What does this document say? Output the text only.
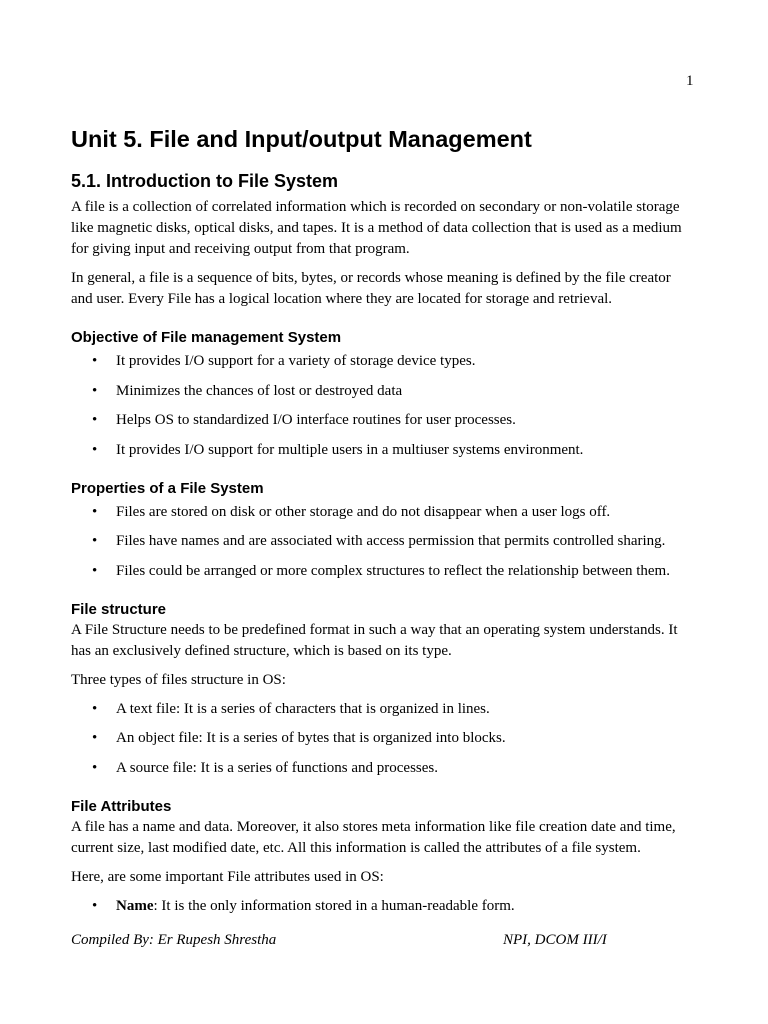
1
Unit 5. File and Input/output Management
5.1. Introduction to File System

A file is a collection of correlated information which is recorded on secondary or non-volatile storage like magnetic disks, optical disks, and tapes. It is a method of data collection that is used as a medium for giving input and receiving output from that program.

In general, a file is a sequence of bits, bytes, or records whose meaning is defined by the file creator and user. Every File has a logical location where they are located for storage and retrieval.

Objective of File management System
• It provides I/O support for a variety of storage device types.
• Minimizes the chances of lost or destroyed data
• Helps OS to standardized I/O interface routines for user processes.
• It provides I/O support for multiple users in a multiuser systems environment.
Properties of a File System
• Files are stored on disk or other storage and do not disappear when a user logs off.
• Files have names and are associated with access permission that permits controlled sharing.
• Files could be arranged or more complex structures to reflect the relationship between them.
File structure

A File Structure needs to be predefined format in such a way that an operating system understands. It has an exclusively defined structure, which is based on its type.

Three types of files structure in OS:

• A text file: It is a series of characters that is organized in lines.
• An object file: It is a series of bytes that is organized into blocks.
• A source file: It is a series of functions and processes.
File Attributes

A file has a name and data. Moreover, it also stores meta information like file creation date and time, current size, last modified date, etc. All this information is called the attributes of a file system.

Here, are some important File attributes used in OS:

• Name: It is the only information stored in a human-readable form.
Compiled By: Er Rupesh Shrestha	NPI, DCOM III/I
